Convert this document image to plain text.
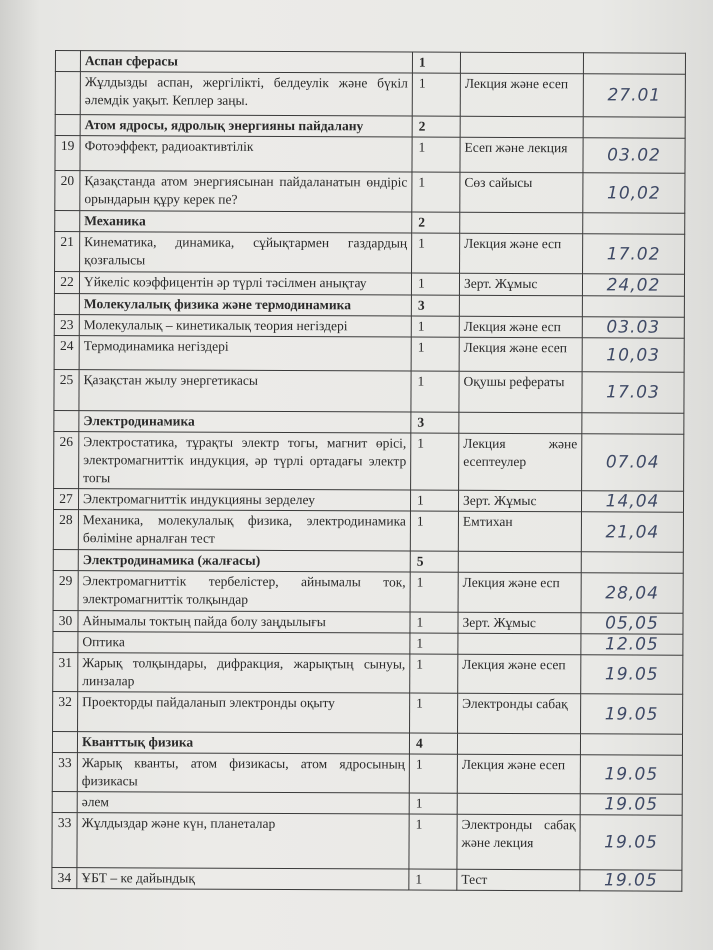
	Аспан сферасы	1		
	Жұлдызды аспан, жергілікті, белдеулік және бүкіл әлемдік уақыт. Кеплер заңы.	1	Лекция және есеп	27.01
	Атом ядросы, ядролық энергияны пайдалану	2		
19	Фотоэффект, радиоактивтілік	1	Есеп және лекция	03.02
20	Қазақстанда атом энергиясынан пайдаланатын өндіріс орындарын құру керек пе?	1	Сөз сайысы	10,02
	Механика	2		
21	Кинематика, динамика, сұйықтармен газдардың қозғалысы	1	Лекция және есп	17.02
22	Үйкеліс коэффицентін әр түрлі тәсілмен анықтау	1	Зерт. Жұмыс	24,02
	Молекулалық физика және термодинамика	3		
23	Молекулалық – кинетикалық теория негіздері	1	Лекция және есп	03.03
24	Термодинамика негіздері	1	Лекция және есеп	10,03
25	Қазақстан жылу энергетикасы	1	Оқушы рефераты	17.03
	Электродинамика	3		
26	Электростатика, тұрақты электр тогы, магнит өрісі, электромагниттік индукция, әр түрлі ортадағы электр тогы	1	Лекция және есептеулер	07.04
27	Электромагниттік индукцияны зерделеу	1	Зерт. Жұмыс	14,04
28	Механика, молекулалық физика, электродинамика бөліміне арналған тест	1	Емтихан	21,04
	Электродинамика (жалғасы)	5		
29	Электромагниттік тербелістер, айнымалы ток, электромагниттік толқындар	1	Лекция және есп	28,04
30	Айнымалы токтың пайда болу заңдылығы	1	Зерт. Жұмыс	05,05
	Оптика	1		12.05
31	Жарық толқындары, дифракция, жарықтың сынуы, линзалар	1	Лекция және есеп	19.05
32	Проекторды пайдаланып электронды оқыту	1	Электронды сабақ	19.05
	Кванттық физика	4		
33	Жарық кванты, атом физикасы, атом ядросының физикасы	1	Лекция және есеп	19.05
	әлем	1		19.05
33	Жұлдыздар және күн, планеталар	1	Электронды сабақ және лекция	19.05
34	ҰБТ – ке дайындық	1	Тест	19.05
